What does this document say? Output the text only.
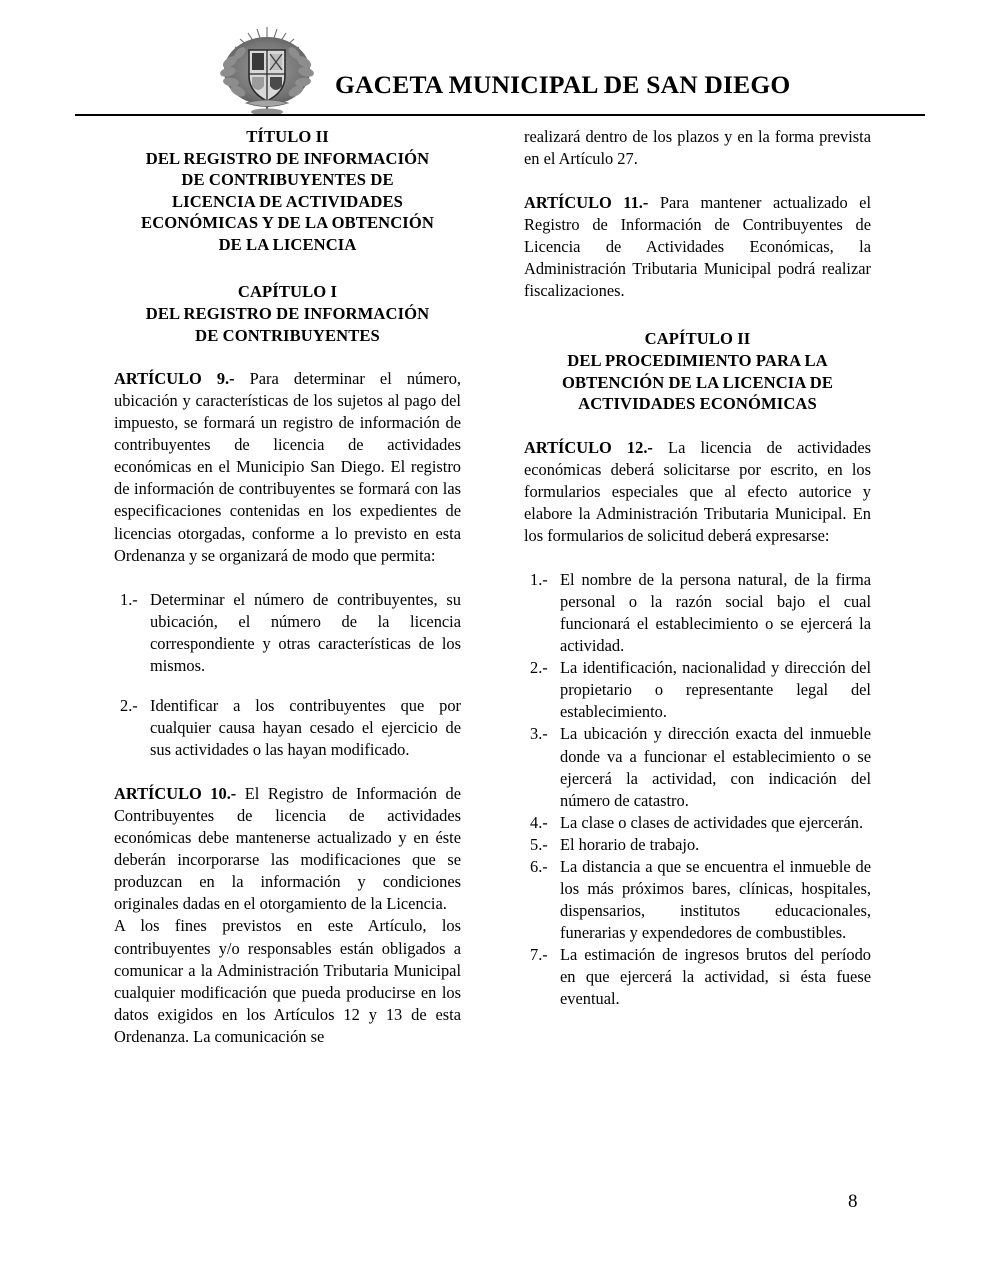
GACETA MUNICIPAL DE SAN DIEGO
TÍTULO II
DEL REGISTRO DE INFORMACIÓN
DE CONTRIBUYENTES DE
LICENCIA DE ACTIVIDADES
ECONÓMICAS Y DE LA OBTENCIÓN
DE LA LICENCIA
CAPÍTULO I
DEL REGISTRO DE INFORMACIÓN
DE CONTRIBUYENTES

ARTÍCULO 9.- Para determinar el número, ubicación y características de los sujetos al pago del impuesto, se formará un registro de información de contribuyentes de licencia de actividades económicas en el Municipio San Diego. El registro de información de contribuyentes se formará con las especificaciones contenidas en los expedientes de licencias otorgadas, conforme a lo previsto en esta Ordenanza y se organizará de modo que permita:

1.- Determinar el número de contribuyentes, su ubicación, el número de la licencia correspondiente y otras características de los mismos.
2.- Identificar a los contribuyentes que por cualquier causa hayan cesado el ejercicio de sus actividades o las hayan modificado.

ARTÍCULO 10.- El Registro de Información de Contribuyentes de licencia de actividades económicas debe mantenerse actualizado y en éste deberán incorporarse las modificaciones que se produzcan en la información y condiciones originales dadas en el otorgamiento de la Licencia.

A los fines previstos en este Artículo, los contribuyentes y/o responsables están obligados a comunicar a la Administración Tributaria Municipal cualquier modificación que pueda producirse en los datos exigidos en los Artículos 12 y 13 de esta Ordenanza. La comunicación se

realizará dentro de los plazos y en la forma prevista en el Artículo 27.

ARTÍCULO 11.- Para mantener actualizado el Registro de Información de Contribuyentes de Licencia de Actividades Económicas, la Administración Tributaria Municipal podrá realizar fiscalizaciones.

CAPÍTULO II
DEL PROCEDIMIENTO PARA LA
OBTENCIÓN DE LA LICENCIA DE
ACTIVIDADES ECONÓMICAS

ARTÍCULO 12.- La licencia de actividades económicas deberá solicitarse por escrito, en los formularios especiales que al efecto autorice y elabore la Administración Tributaria Municipal. En los formularios de solicitud deberá expresarse:

1.- El nombre de la persona natural, de la firma personal o la razón social bajo el cual funcionará el establecimiento o se ejercerá la actividad.
2.- La identificación, nacionalidad y dirección del propietario o representante legal del establecimiento.
3.- La ubicación y dirección exacta del inmueble donde va a funcionar el establecimiento o se ejercerá la actividad, con indicación del número de catastro.
4.- La clase o clases de actividades que ejercerán.
5.- El horario de trabajo.
6.- La distancia a que se encuentra el inmueble de los más próximos bares, clínicas, hospitales, dispensarios, institutos educacionales, funerarias y expendedores de combustibles.
7.- La estimación de ingresos brutos del período en que ejercerá la actividad, si ésta fuese eventual.
8
